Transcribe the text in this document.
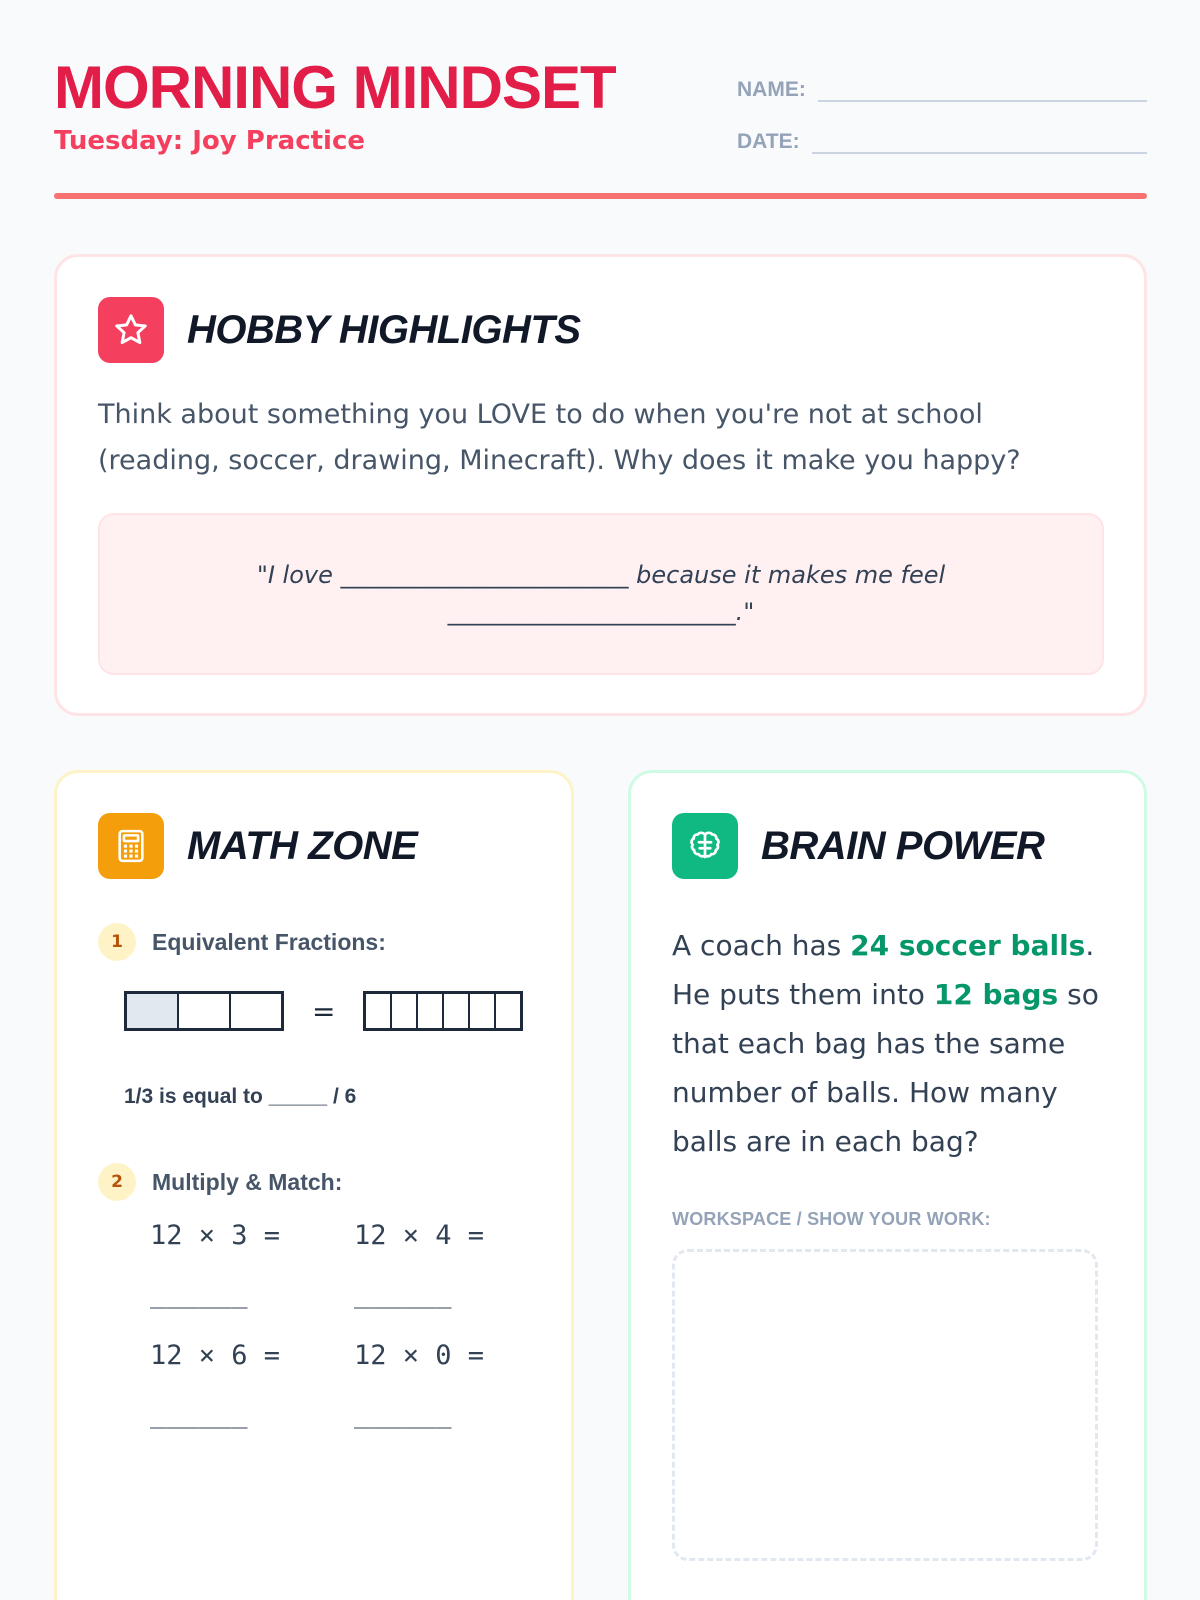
MORNING MINDSET
Tuesday: Joy Practice
NAME:
DATE:
HOBBY HIGHLIGHTS
Think about something you LOVE to do when you're not at school (reading, soccer, drawing, Minecraft). Why does it make you happy?
"I love ________________________ because it makes me feel ________________________."
MATH ZONE
1	Equivalent Fractions:
=
1/3 is equal to _____ / 6
2	Multiply & Match:
12 × 3 = ______
12 × 4 = ______
12 × 6 = ______
12 × 0 = ______
BRAIN POWER
A coach has 24 soccer balls. He puts them into 12 bags so that each bag has the same number of balls. How many balls are in each bag?
WORKSPACE / SHOW YOUR WORK:
